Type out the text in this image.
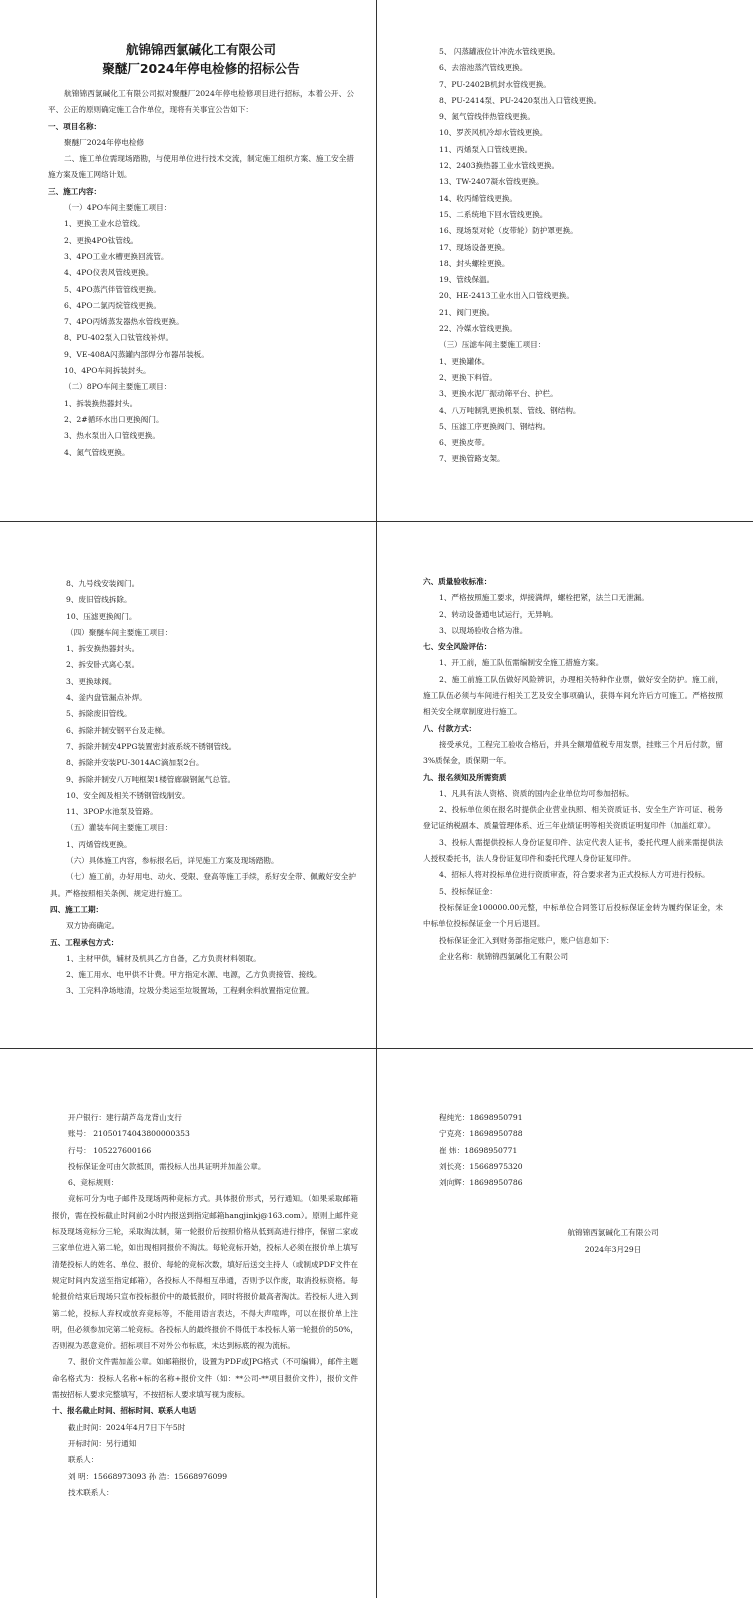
航锦锦西氯碱化工有限公司
聚醚厂2024年停电检修的招标公告
航锦锦西氯碱化工有限公司拟对聚醚厂2024年停电检修项目进行招标，本着公开、公平、公正的原则确定施工合作单位，现将有关事宜公告如下：
一、项目名称：
聚醚厂2024年停电检修
二、施工单位需现场踏勘，与使用单位进行技术交流，制定施工组织方案、施工安全措施方案及施工网络计划。
三、施工内容：
（一）4PO车间主要施工项目：
1、更换工业水总管线。
2、更换4PO钛管线。
3、4PO工业水槽更换回流管。
4、4PO仪表风管线更换。
5、4PO蒸汽伴管管线更换。
6、4PO二氯丙烷管线更换。
7、4PO丙烯蒸发器热水管线更换。
8、PU-402泵入口钛管线补焊。
9、VE-408A闪蒸罐内部焊分布器吊装板。
10、4PO车间拆装封头。
（二）8PO车间主要施工项目：
1、拆装换热器封头。
2、2#循环水出口更换阀门。
3、热水泵出入口管线更换。
4、氮气管线更换。
5、 闪蒸罐液位计冲洗水管线更换。
6、去溶池蒸汽管线更换。
7、PU-2402B机封水管线更换。
8、PU-2414泵、PU-2420泵出入口管线更换。
9、氮气管线伴热管线更换。
10、罗茨风机冷却水管线更换。
11、丙烯泵入口管线更换。
12、2403换热器工业水管线更换。
13、TW-2407凝水管线更换。
14、收丙烯管线更换。
15、二系统地下回水管线更换。
16、现场泵对轮（皮带轮）防护罩更换。
17、现场设备更换。
18、封头螺栓更换。
19、管线保温。
20、HE-2413工业水出入口管线更换。
21、阀门更换。
22、冷媒水管线更换。
（三）压滤车间主要施工项目：
1、更换罐体。
2、更换下料管。
3、更换水泥厂振动筛平台、护栏。
4、八万吨制乳更换机泵、管线、钢结构。
5、压滤工序更换阀门、钢结构。
6、更换皮带。
7、更换管路支架。
8、九号线安装阀门。
9、废旧管线拆除。
10、压滤更换阀门。
（四）聚醚车间主要施工项目：
1、拆安换热器封头。
2、拆安卧式离心泵。
3、更换球阀。
4、釜内盘管漏点补焊。
5、拆除废旧管线。
6、拆除并制安钢平台及走梯。
7、拆除并制安4PPG装置密封液系统不锈钢管线。
8、拆除并安装PU-3014AC滴加泵2台。
9、拆除并制安八万吨框架1楼管廊碳钢氮气总管。
10、安全阀及相关不锈钢管线制安。
11、3POP水池泵及管路。
（五）灌装车间主要施工项目：
1、丙烯管线更换。
（六）具体施工内容，参标报名后，详见施工方案及现场踏勘。
（七）施工前，办好用电、动火、受限、登高等施工手续，系好安全带、佩戴好安全护具。严格按照相关条例、规定进行施工。
四、施工工期：
双方协商确定。
五、工程承包方式：
1、主材甲供，辅材及机具乙方自备，乙方负责材料领取。
2、施工用水、电甲供不计费。甲方指定水源、电源，乙方负责接管、接线。
3、工完料净场地清，垃圾分类运至垃圾置场，工程剩余料放置指定位置。
六、质量验收标准：
1、严格按照施工要求，焊接满焊，螺栓把紧，法兰口无泄漏。
2、转动设备通电试运行，无异响。
3、以现场验收合格为准。
七、安全风险评估：
1、开工前，施工队伍需编制安全施工措施方案。
2、施工前施工队伍做好风险辨识，办理相关特种作业票，做好安全防护。施工前，施工队伍必须与车间进行相关工艺及安全事项确认，获得车间允许后方可施工。严格按照相关安全规章制度进行施工。
八、付款方式：
接受承兑，工程完工验收合格后，并具全额增值税专用发票，挂账三个月后付款，留3%质保金，质保期一年。
九、报名须知及所需资质
1、凡具有法人资格、资质的国内企业单位均可参加招标。
2、投标单位须在报名时提供企业营业执照、相关资质证书、安全生产许可证、税务登记证纳税副本、质量管理体系、近三年业绩证明等相关资质证明复印件（加盖红章）。
3、投标人需提供投标人身份证复印件、法定代表人证书，委托代理人前来需提供法人授权委托书，法人身份证复印件和委托代理人身份证复印件。
4、招标人将对投标单位进行资质审查，符合要求者为正式投标人方可进行投标。
5、投标保证金：
投标保证金100000.00元整，中标单位合同签订后投标保证金转为履约保证金，未中标单位投标保证金一个月后退回。
投标保证金汇入到财务部指定账户，账户信息如下：
企业名称：航锦锦西氯碱化工有限公司
开户银行：建行葫芦岛龙背山支行
账号： 21050174043800000353
行号： 105227600166
投标保证金可由欠款抵顶，需投标人出具证明并加盖公章。
6、竞标规则：
竞标可分为电子邮件及现场两种竞标方式。具体报价形式，另行通知。（如果采取邮箱报价，需在投标截止时间前2小时内报送到指定邮箱hangjinkj@163.com）。原则上邮件竞标及现场竞标分三轮，采取淘汰制，第一轮报价后按照价格从低到高进行排序，保留二家或三家单位进入第二轮，如出现相同报价不淘汰。每轮竞标开始，投标人必须在报价单上填写清楚投标人的姓名、单位、报价、每轮的竞标次数，填好后送交主持人（或制成PDF文件在规定时间内发送至指定邮箱），各投标人不得相互串通，否则予以作废，取消投标资格。每轮报价结束后现场只宣布投标报价中的最低报价，同时将报价最高者淘汰。若投标人进入到第二轮，投标人弃权或放弃竞标等，不能用语言表达，不得大声喧哗，可以在报价单上注明，但必须参加完第二轮竞标。各投标人的最终报价不得低于本投标人第一轮报价的50%，否则视为恶意竞价。招标项目不对外公布标底，未达到标底的视为流标。
7、报价文件需加盖公章。如邮箱报价，设置为PDF或JPG格式（不可编辑），邮件主题命名格式为：投标人名称+标的名称+报价文件（如：**公司-**项目报价文件），报价文件需按招标人要求完整填写，不按招标人要求填写视为废标。
十、报名截止时间、招标时间、联系人电话
截止时间：2024年4月7日下午5时
开标时间：另行通知
联系人：
刘 明：15668973093 孙 浩：15668976099
技术联系人：
程纯光：18698950791
宁克亮：18698950788
崔 炜：18698950771
刘长亮：15668975320
刘向辉：18698950786
航锦锦西氯碱化工有限公司
2024年3月29日
